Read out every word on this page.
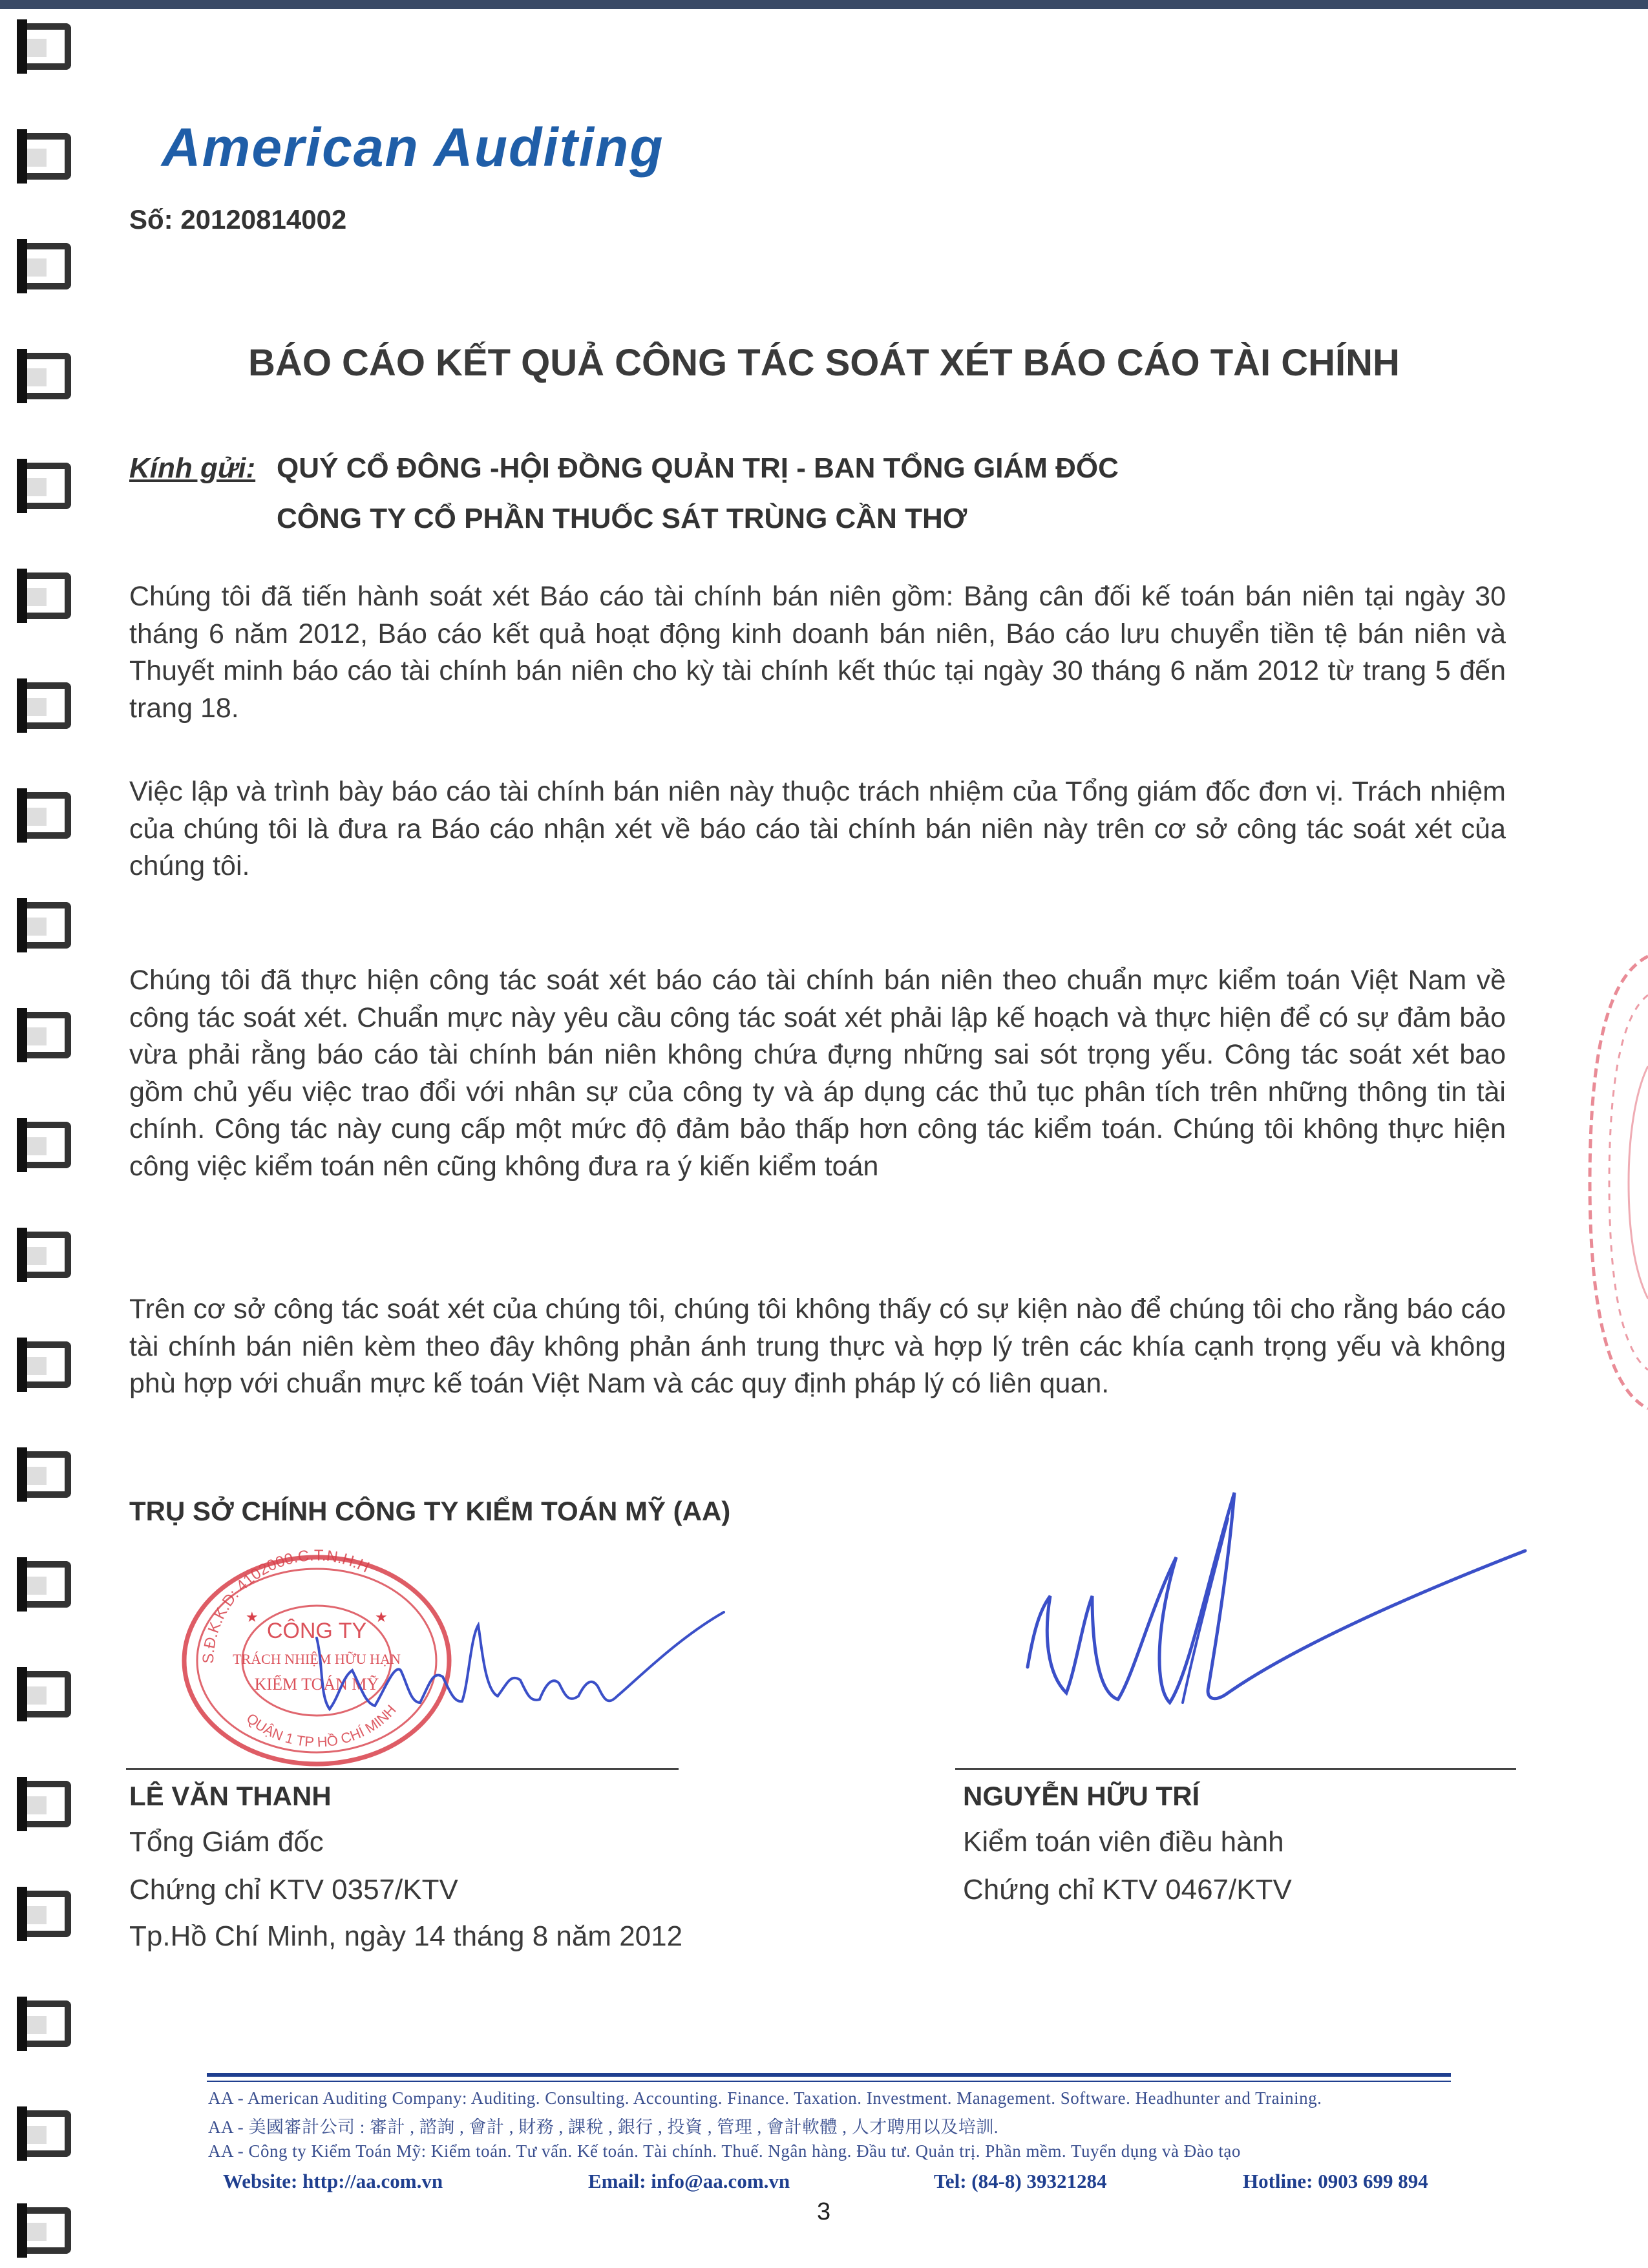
American Auditing
Số: 20120814002
BÁO CÁO KẾT QUẢ CÔNG TÁC SOÁT XÉT BÁO CÁO TÀI CHÍNH
Kính gửi: QUÝ CỔ ĐÔNG -HỘI ĐỒNG QUẢN TRỊ - BAN TỔNG GIÁM ĐỐC
CÔNG TY CỔ PHẦN THUỐC SÁT TRÙNG CẦN THƠ
Chúng tôi đã tiến hành soát xét Báo cáo tài chính bán niên gồm: Bảng cân đối kế toán bán niên tại ngày 30 tháng 6 năm 2012, Báo cáo kết quả hoạt động kinh doanh bán niên, Báo cáo lưu chuyển tiền tệ bán niên và Thuyết minh báo cáo tài chính bán niên cho kỳ tài chính kết thúc tại ngày 30 tháng 6 năm 2012 từ trang 5 đến trang 18.
Việc lập và trình bày báo cáo tài chính bán niên này thuộc trách nhiệm của Tổng giám đốc đơn vị. Trách nhiệm của chúng tôi là đưa ra Báo cáo nhận xét về báo cáo tài chính bán niên này trên cơ sở công tác soát xét của chúng tôi.
Chúng tôi đã thực hiện công tác soát xét báo cáo tài chính bán niên theo chuẩn mực kiểm toán Việt Nam về công tác soát xét. Chuẩn mực này yêu cầu công tác soát xét phải lập kế hoạch và thực hiện để có sự đảm bảo vừa phải rằng báo cáo tài chính bán niên không chứa đựng những sai sót trọng yếu. Công tác soát xét bao gồm chủ yếu việc trao đổi với nhân sự của công ty và áp dụng các thủ tục phân tích trên những thông tin tài chính. Công tác này cung cấp một mức độ đảm bảo thấp hơn công tác kiểm toán. Chúng tôi không thực hiện công việc kiểm toán nên cũng không đưa ra ý kiến kiểm toán
Trên cơ sở công tác soát xét của chúng tôi, chúng tôi không thấy có sự kiện nào để chúng tôi cho rằng báo cáo tài chính bán niên kèm theo đây không phản ánh trung thực và hợp lý trên các khía cạnh trọng yếu và không phù hợp với chuẩn mực kế toán Việt Nam và các quy định pháp lý có liên quan.
TRỤ SỞ CHÍNH CÔNG TY KIỂM TOÁN MỸ (AA)
S.Đ.K.K.D: 4102000.C.T.N.H.H
QUẬN 1 TP HỒ CHÍ MINH
CÔNG TY
TRÁCH NHIỆM HỮU HẠN
KIỂM TOÁN MỸ
★	★
LÊ VĂN THANH
Tổng Giám đốc
Chứng chỉ KTV 0357/KTV
Tp.Hồ Chí Minh, ngày 14 tháng 8 năm 2012
NGUYỄN HỮU TRÍ
Kiểm toán viên điều hành
Chứng chỉ KTV 0467/KTV
AA - American Auditing Company: Auditing. Consulting. Accounting. Finance. Taxation. Investment. Management. Software. Headhunter and Training.
AA - 美國審計公司 : 審計 , 諮詢 , 會計 , 財務 , 課稅 , 銀行 , 投資 , 管理 , 會計軟體 , 人才聘用以及培訓.
AA - Công ty Kiểm Toán Mỹ: Kiểm toán. Tư vấn. Kế toán. Tài chính. Thuế. Ngân hàng. Đầu tư. Quản trị. Phần mềm. Tuyển dụng và Đào tạo
Website: http://aa.com.vn	Email: info@aa.com.vn	Tel: (84-8) 39321284	Hotline: 0903 699 894
3
